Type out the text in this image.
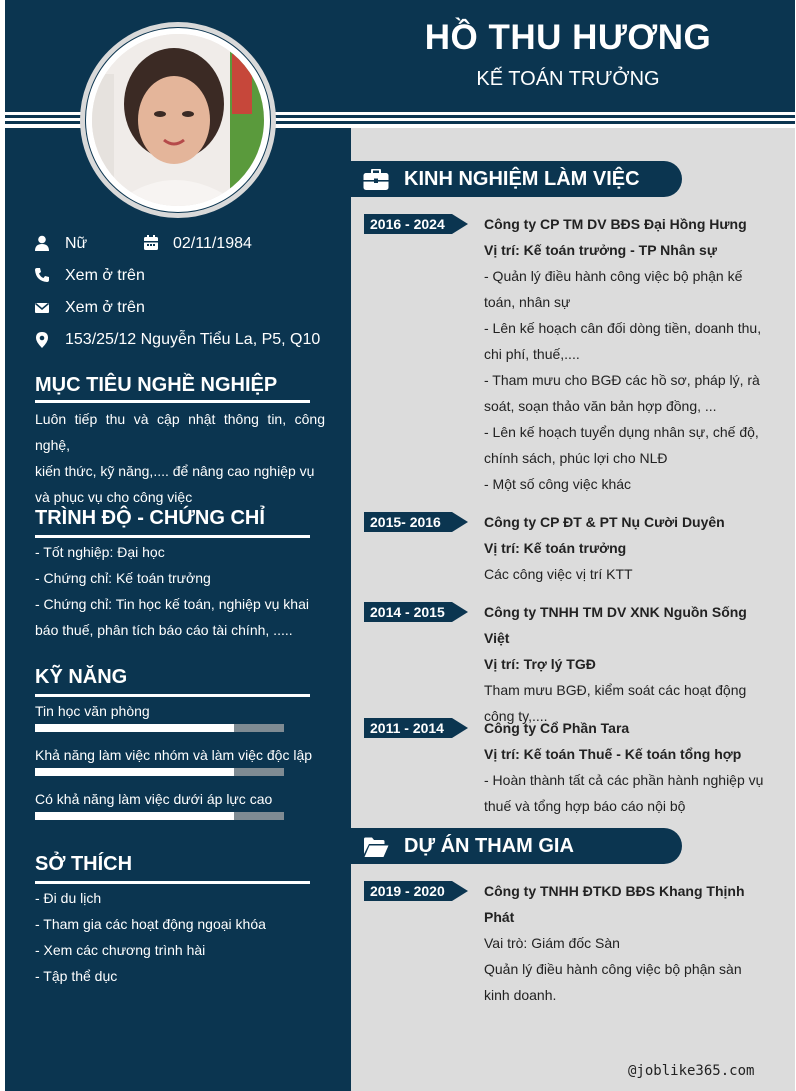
HỒ THU HƯƠNG
KẾ TOÁN TRƯỞNG
Nữ	02/11/1984
Xem ở trên
Xem ở trên
153/25/12 Nguyễn Tiểu La, P5, Q10
MỤC TIÊU NGHỀ NGHIỆP
Luôn tiếp thu và cập nhật thông tin, công nghệ,
kiến thức, kỹ năng,.... để nâng cao nghiệp vụ
và phục vụ cho công việc
TRÌNH ĐỘ - CHỨNG CHỈ
- Tốt nghiệp: Đại học
- Chứng chỉ: Kế toán trưởng
- Chứng chỉ: Tin học kế toán, nghiệp vụ khai
báo thuế, phân tích báo cáo tài chính, .....
KỸ NĂNG
Tin học văn phòng
Khả năng làm việc nhóm và làm việc độc lập
Có khả năng làm việc dưới áp lực cao
SỞ THÍCH
- Đi du lịch
- Tham gia các hoạt động ngoại khóa
- Xem các chương trình hài
- Tập thể dục
KINH NGHIỆM LÀM VIỆC
2016 - 2024	Công ty CP TM DV BĐS Đại Hồng Hưng
Vị trí: Kế toán trưởng - TP Nhân sự
- Quản lý điều hành công việc bộ phận kế
toán, nhân sự
- Lên kế hoạch cân đối dòng tiền, doanh thu,
chi phí, thuế,....
- Tham mưu cho BGĐ các hồ sơ, pháp lý, rà
soát, soạn thảo văn bản hợp đồng, ...
- Lên kế hoạch tuyển dụng nhân sự, chế độ,
chính sách, phúc lợi cho NLĐ
- Một số công việc khác
2015- 2016	Công ty CP ĐT & PT Nụ Cười Duyên
Vị trí: Kế toán trưởng
Các công việc vị trí KTT
2014 - 2015	Công ty TNHH TM DV XNK Nguồn Sống Việt
Vị trí: Trợ lý TGĐ
Tham mưu BGĐ, kiểm soát các hoạt động
công ty,....
2011 - 2014	Công ty Cổ Phần Tara
Vị trí: Kế toán Thuế - Kế toán tổng hợp
- Hoàn thành tất cả các phần hành nghiệp vụ
thuế và tổng hợp báo cáo nội bộ
DỰ ÁN THAM GIA
2019 - 2020	Công ty TNHH ĐTKD BĐS Khang Thịnh Phát
Vai trò: Giám đốc Sàn
Quản lý điều hành công việc bộ phận sàn
kinh doanh.
@joblike365.com
